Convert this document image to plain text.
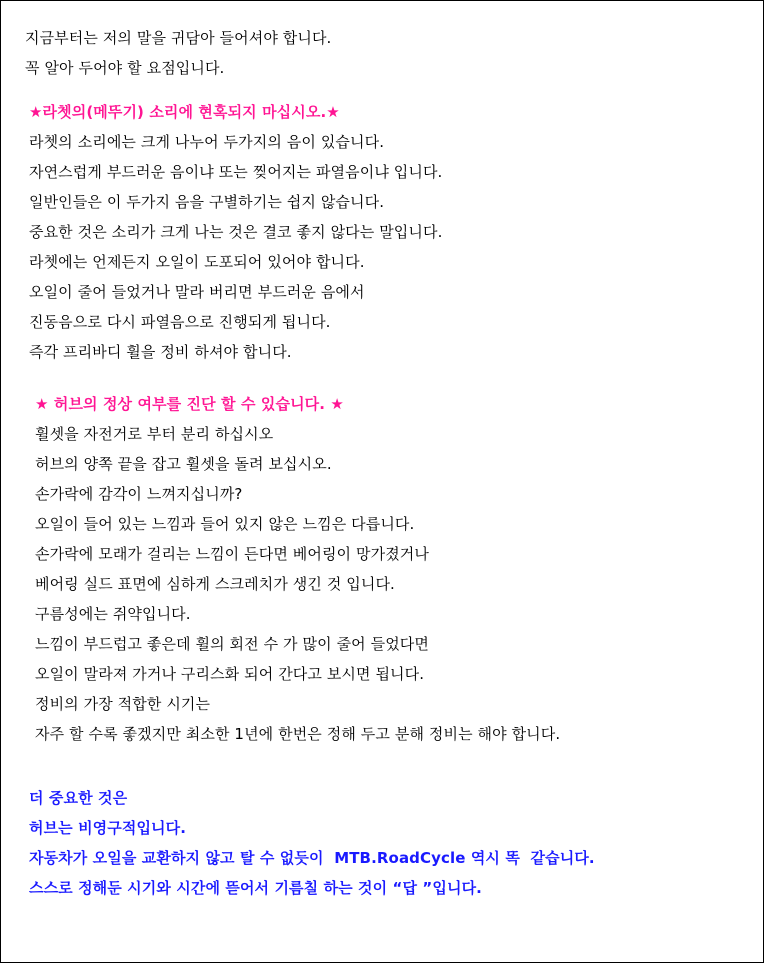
지금부터는 저의 말을 귀담아 들어셔야 합니다.
꼭 알아 두어야 할 요점입니다.
★라쳇의(메뚜기) 소리에 현혹되지 마십시오.★
라쳇의 소리에는 크게 나누어 두가지의 음이 있습니다.
자연스럽게 부드러운 음이냐 또는 찢어지는 파열음이냐 입니다.
일반인들은 이 두가지 음을 구별하기는 쉽지 않습니다.
중요한 것은 소리가 크게 나는 것은 결코 좋지 않다는 말입니다.
라쳇에는 언제든지 오일이 도포되어 있어야 합니다.
오일이 줄어 들었거나 말라 버리면 부드러운 음에서
진동음으로 다시 파열음으로 진행되게 됩니다.
즉각 프리바디 휠을 정비 하셔야 합니다.
★ 허브의 정상 여부를 진단 할 수 있습니다. ★
휠셋을 자전거로 부터 분리 하십시오
허브의 양쪽 끝을 잡고 휠셋을 돌려 보십시오.
손가락에 감각이 느껴지십니까?
오일이 들어 있는 느낌과 들어 있지 않은 느낌은 다릅니다.
손가락에 모래가 걸리는 느낌이 든다면 베어링이 망가졌거나
베어링 실드 표면에 심하게 스크레치가 생긴 것 입니다.
구름성에는 쥐약입니다.
느낌이 부드럽고 좋은데 휠의 회전 수 가 많이 줄어 들었다면
오일이 말라져 가거나 구리스화 되어 간다고 보시면 됩니다.
정비의 가장 적합한 시기는
자주 할 수록 좋겠지만 최소한 1년에 한번은 정해 두고 분해 정비는 해야 합니다.
더 중요한 것은
허브는 비영구적입니다.
자동차가 오일을 교환하지 않고 탈 수 없듯이  MTB.RoadCycle 역시 똑  같습니다.
스스로 정해둔 시기와 시간에 뜯어서 기름칠 하는 것이 “답 ”입니다.
